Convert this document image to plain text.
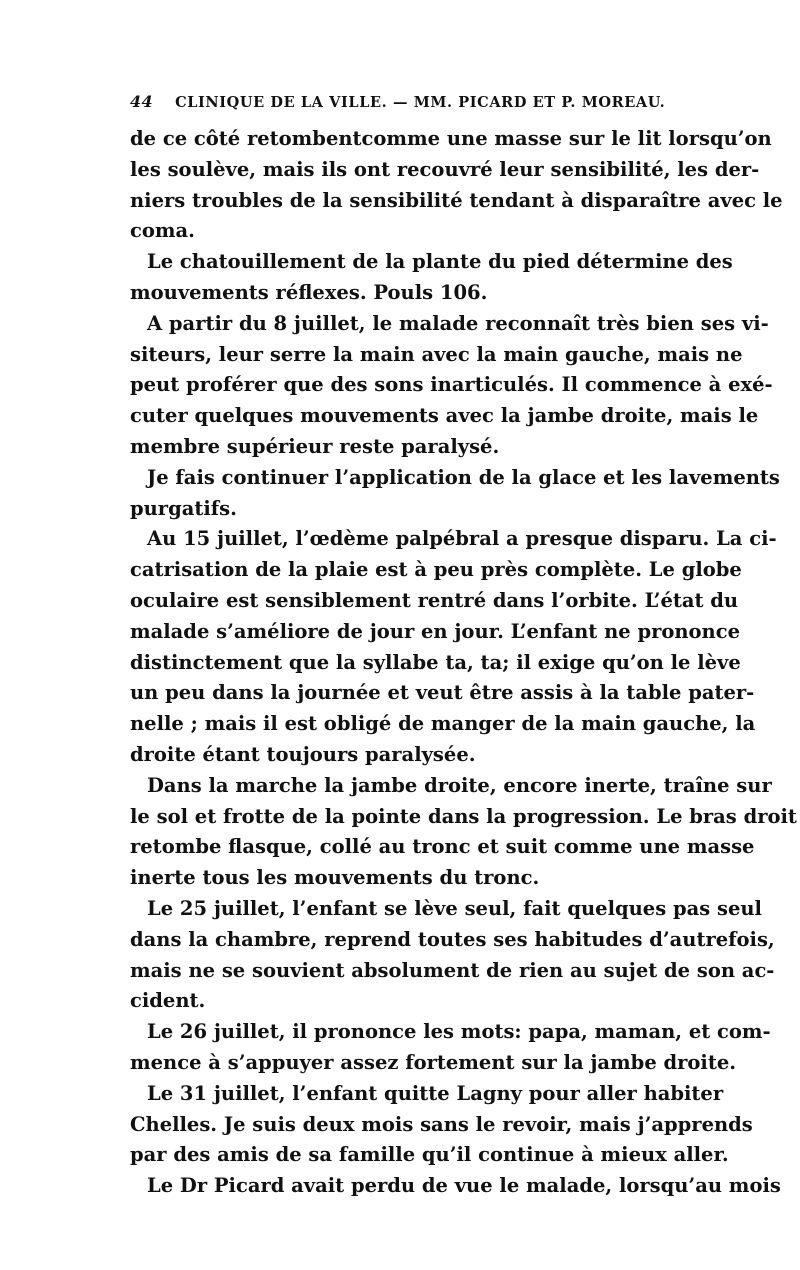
44 CLINIQUE DE LA VILLE. — MM. PICARD ET P. MOREAU.
de ce côté retombentcomme une masse sur le lit lorsqu’on
les soulève, mais ils ont recouvré leur sensibilité, les der-
niers troubles de la sensibilité tendant à disparaître avec le
coma.
Le chatouillement de la plante du pied détermine des
mouvements réflexes. Pouls 106.
A partir du 8 juillet, le malade reconnaît très bien ses vi-
siteurs, leur serre la main avec la main gauche, mais ne
peut proférer que des sons inarticulés. Il commence à exé-
cuter quelques mouvements avec la jambe droite, mais le
membre supérieur reste paralysé.
Je fais continuer l’application de la glace et les lavements
purgatifs.
Au 15 juillet, l’œdème palpébral a presque disparu. La ci-
catrisation de la plaie est à peu près complète. Le globe
oculaire est sensiblement rentré dans l’orbite. L’état du
malade s’améliore de jour en jour. L’enfant ne prononce
distinctement que la syllabe ta, ta; il exige qu’on le lève
un peu dans la journée et veut être assis à la table pater-
nelle ; mais il est obligé de manger de la main gauche, la
droite étant toujours paralysée.
Dans la marche la jambe droite, encore inerte, traîne sur
le sol et frotte de la pointe dans la progression. Le bras droit
retombe flasque, collé au tronc et suit comme une masse
inerte tous les mouvements du tronc.
Le 25 juillet, l’enfant se lève seul, fait quelques pas seul
dans la chambre, reprend toutes ses habitudes d’autrefois,
mais ne se souvient absolument de rien au sujet de son ac-
cident.
Le 26 juillet, il prononce les mots: papa, maman, et com-
mence à s’appuyer assez fortement sur la jambe droite.
Le 31 juillet, l’enfant quitte Lagny pour aller habiter
Chelles. Je suis deux mois sans le revoir, mais j’apprends
par des amis de sa famille qu’il continue à mieux aller.
Le Dr Picard avait perdu de vue le malade, lorsqu’au mois
